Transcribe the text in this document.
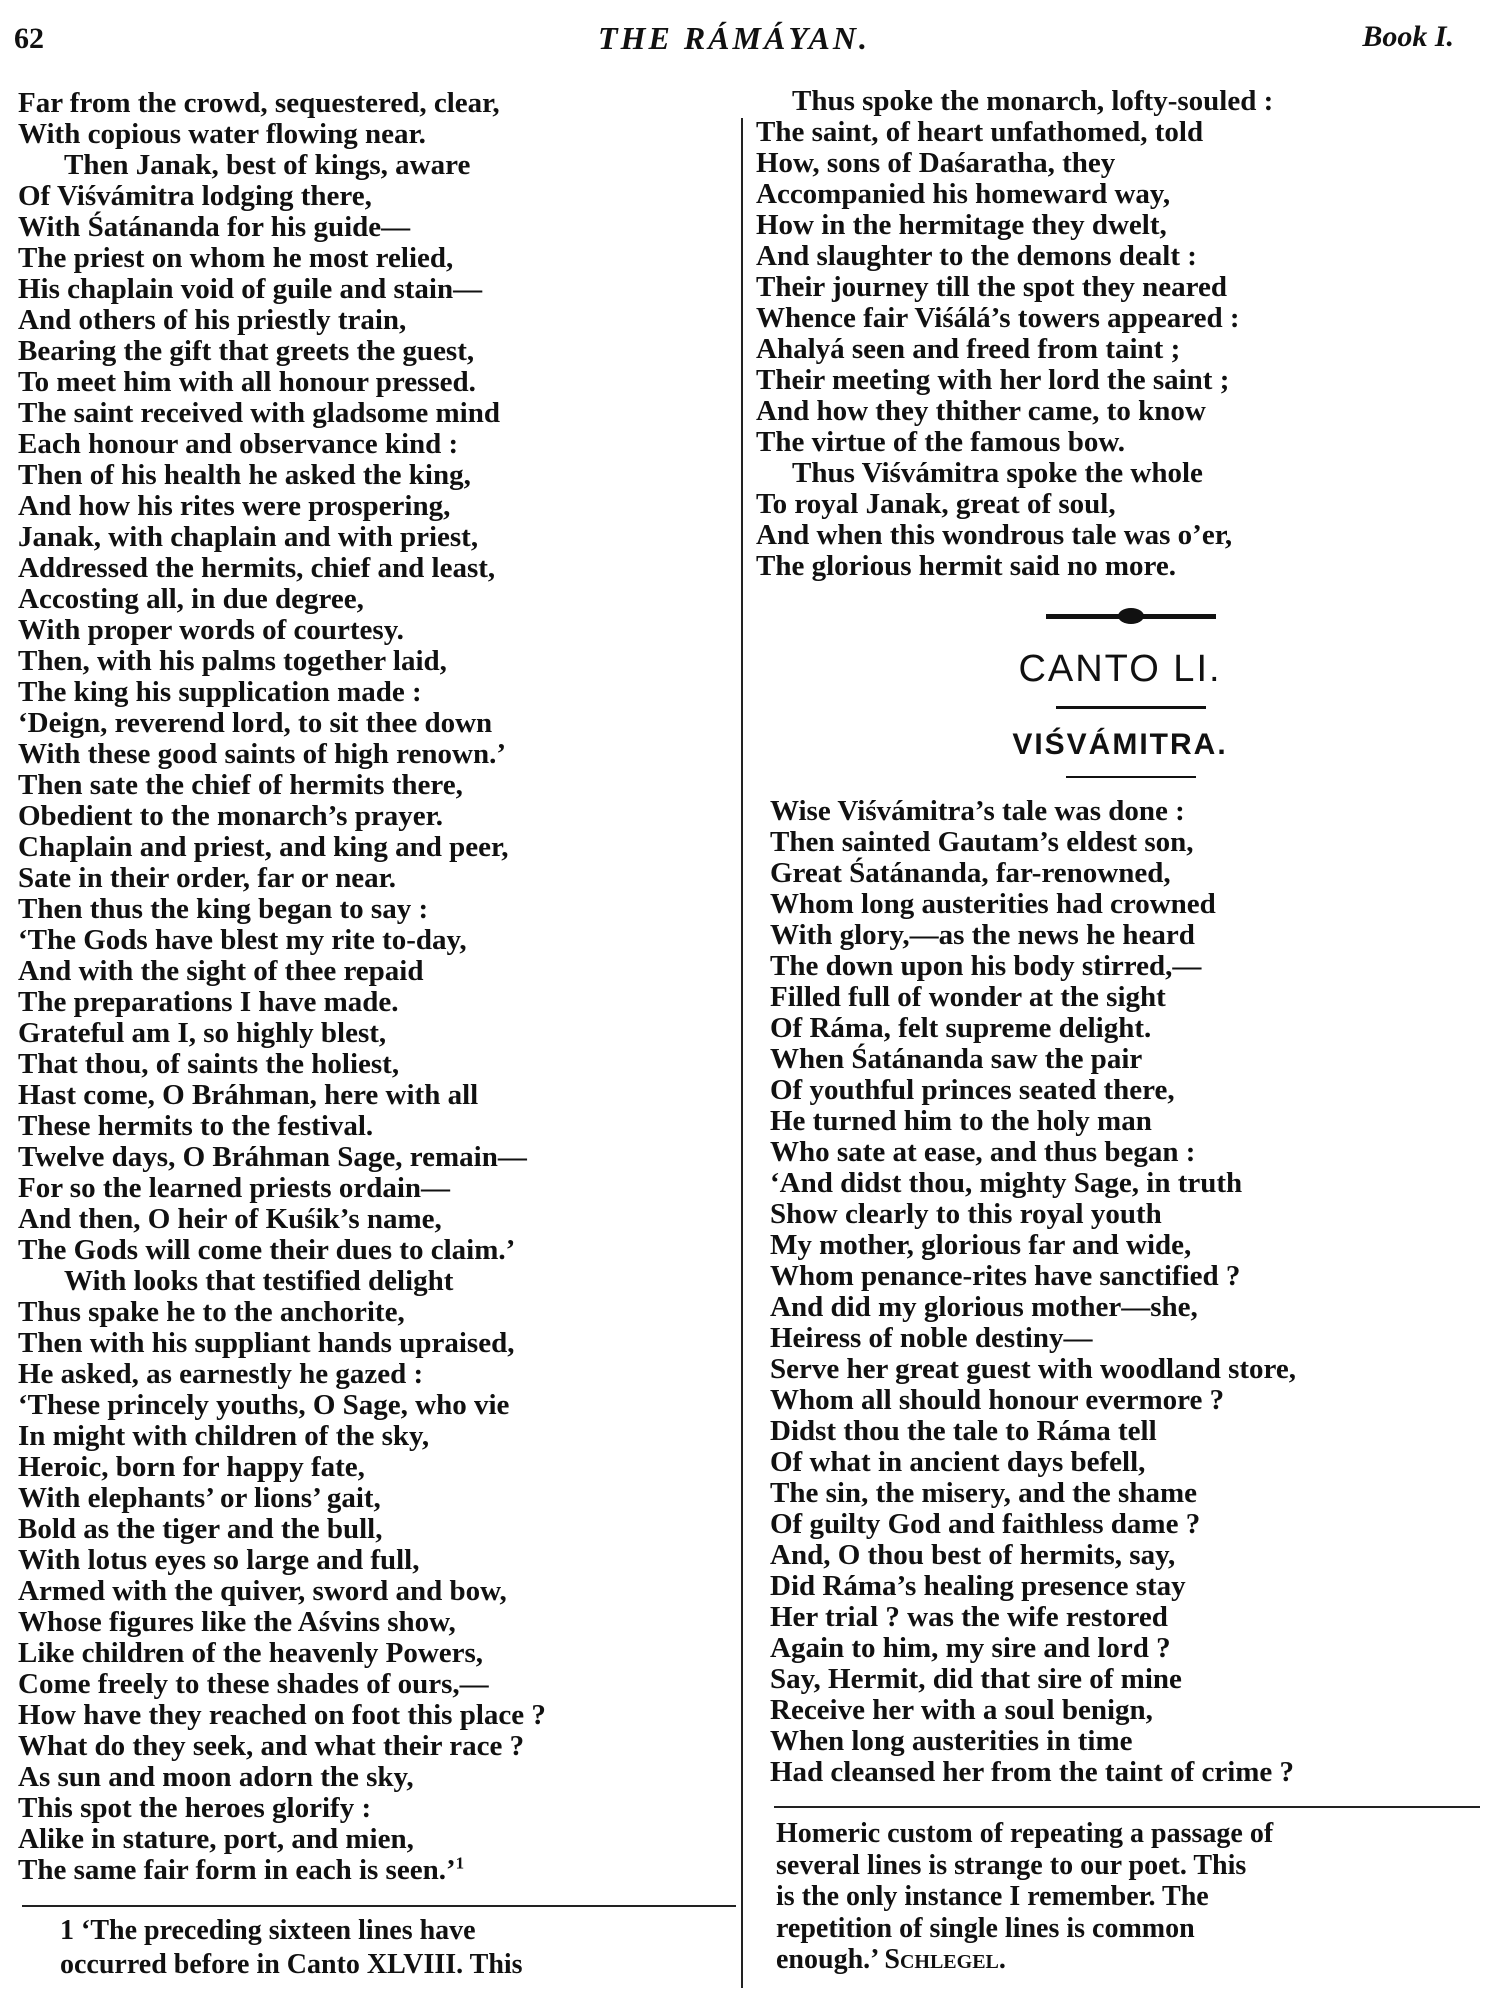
62	THE RÁMÁYAN.	Book I.
Far from the crowd, sequestered, clear,
With copious water flowing near.
Then Janak, best of kings, aware
Of Viśvámitra lodging there,
With Śatánanda for his guide—
The priest on whom he most relied,
His chaplain void of guile and stain—
And others of his priestly train,
Bearing the gift that greets the guest,
To meet him with all honour pressed.
The saint received with gladsome mind
Each honour and observance kind :
Then of his health he asked the king,
And how his rites were prospering,
Janak, with chaplain and with priest,
Addressed the hermits, chief and least,
Accosting all, in due degree,
With proper words of courtesy.
Then, with his palms together laid,
The king his supplication made :
‘Deign, reverend lord, to sit thee down
With these good saints of high renown.’
Then sate the chief of hermits there,
Obedient to the monarch’s prayer.
Chaplain and priest, and king and peer,
Sate in their order, far or near.
Then thus the king began to say :
‘The Gods have blest my rite to-day,
And with the sight of thee repaid
The preparations I have made.
Grateful am I, so highly blest,
That thou, of saints the holiest,
Hast come, O Bráhman, here with all
These hermits to the festival.
Twelve days, O Bráhman Sage, remain—
For so the learned priests ordain—
And then, O heir of Kuśik’s name,
The Gods will come their dues to claim.’
With looks that testified delight
Thus spake he to the anchorite,
Then with his suppliant hands upraised,
He asked, as earnestly he gazed :
‘These princely youths, O Sage, who vie
In might with children of the sky,
Heroic, born for happy fate,
With elephants’ or lions’ gait,
Bold as the tiger and the bull,
With lotus eyes so large and full,
Armed with the quiver, sword and bow,
Whose figures like the Aśvins show,
Like children of the heavenly Powers,
Come freely to these shades of ours,—
How have they reached on foot this place ?
What do they seek, and what their race ?
As sun and moon adorn the sky,
This spot the heroes glorify :
Alike in stature, port, and mien,
The same fair form in each is seen.’$^1$
1 ‘The preceding sixteen lines have
occurred before in Canto XLVIII. This
Thus spoke the monarch, lofty-souled :
The saint, of heart unfathomed, told
How, sons of Daśaratha, they
Accompanied his homeward way,
How in the hermitage they dwelt,
And slaughter to the demons dealt :
Their journey till the spot they neared
Whence fair Viśálá’s towers appeared :
Ahalyá seen and freed from taint ;
Their meeting with her lord the saint ;
And how they thither came, to know
The virtue of the famous bow.
Thus Viśvámitra spoke the whole
To royal Janak, great of soul,
And when this wondrous tale was o’er,
The glorious hermit said no more.
CANTO LI.
VIŚVÁMITRA.
Wise Viśvámitra’s tale was done :
Then sainted Gautam’s eldest son,
Great Śatánanda, far-renowned,
Whom long austerities had crowned
With glory,—as the news he heard
The down upon his body stirred,—
Filled full of wonder at the sight
Of Ráma, felt supreme delight.
When Śatánanda saw the pair
Of youthful princes seated there,
He turned him to the holy man
Who sate at ease, and thus began :
‘And didst thou, mighty Sage, in truth
Show clearly to this royal youth
My mother, glorious far and wide,
Whom penance-rites have sanctified ?
And did my glorious mother—she,
Heiress of noble destiny—
Serve her great guest with woodland store,
Whom all should honour evermore ?
Didst thou the tale to Ráma tell
Of what in ancient days befell,
The sin, the misery, and the shame
Of guilty God and faithless dame ?
And, O thou best of hermits, say,
Did Ráma’s healing presence stay
Her trial ? was the wife restored
Again to him, my sire and lord ?
Say, Hermit, did that sire of mine
Receive her with a soul benign,
When long austerities in time
Had cleansed her from the taint of crime ?
Homeric custom of repeating a passage of
several lines is strange to our poet. This
is the only instance I remember. The
repetition of single lines is common
enough.’ Schlegel.
